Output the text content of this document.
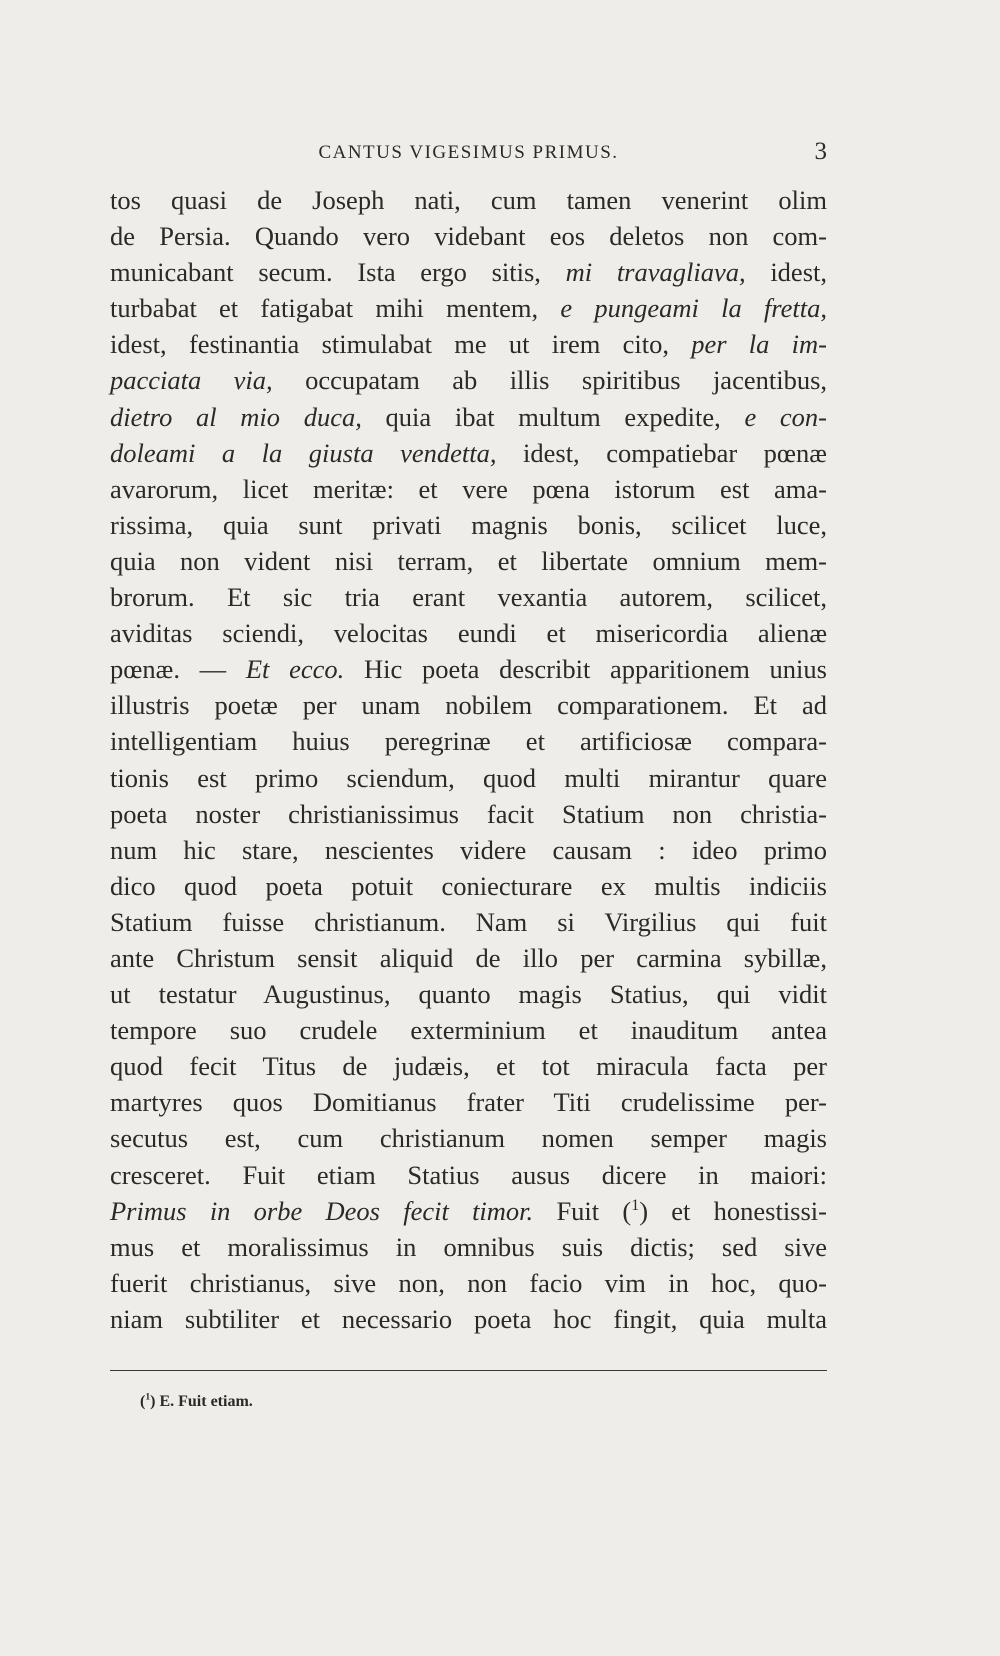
CANTUS VIGESIMUS PRIMUS.	3
tos quasi de Joseph nati, cum tamen venerint olim
de Persia. Quando vero videbant eos deletos non com-
municabant secum. Ista ergo sitis, mi travagliava, idest,
turbabat et fatigabat mihi mentem, e pungeami la fretta,
idest, festinantia stimulabat me ut irem cito, per la im-
pacciata via, occupatam ab illis spiritibus jacentibus,
dietro al mio duca, quia ibat multum expedite, e con-
doleami a la giusta vendetta, idest, compatiebar pœnæ
avarorum, licet meritæ: et vere pœna istorum est ama-
rissima, quia sunt privati magnis bonis, scilicet luce,
quia non vident nisi terram, et libertate omnium mem-
brorum. Et sic tria erant vexantia autorem, scilicet,
aviditas sciendi, velocitas eundi et misericordia alienæ
pœnæ. — Et ecco. Hic poeta describit apparitionem unius
illustris poetæ per unam nobilem comparationem. Et ad
intelligentiam huius peregrinæ et artificiosæ compara-
tionis est primo sciendum, quod multi mirantur quare
poeta noster christianissimus facit Statium non christia-
num hic stare, nescientes videre causam : ideo primo
dico quod poeta potuit coniecturare ex multis indiciis
Statium fuisse christianum. Nam si Virgilius qui fuit
ante Christum sensit aliquid de illo per carmina sybillæ,
ut testatur Augustinus, quanto magis Statius, qui vidit
tempore suo crudele exterminium et inauditum antea
quod fecit Titus de judæis, et tot miracula facta per
martyres quos Domitianus frater Titi crudelissime per-
secutus est, cum christianum nomen semper magis
cresceret. Fuit etiam Statius ausus dicere in maiori:
Primus in orbe Deos fecit timor. Fuit ($^1$) et honestissi-
mus et moralissimus in omnibus suis dictis; sed sive
fuerit christianus, sive non, non facio vim in hoc, quo-
niam subtiliter et necessario poeta hoc fingit, quia multa
($^1$) E. Fuit etiam.
